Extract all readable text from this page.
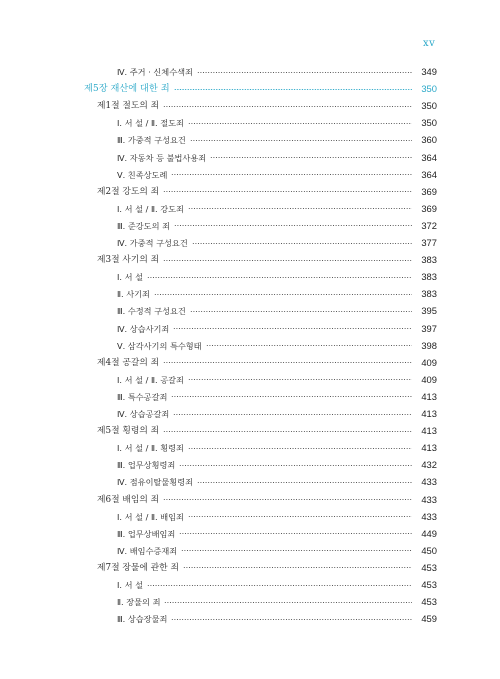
xv
Ⅳ. 주거 · 신체수색죄	349
제5장 재산에 대한 죄	350
제1절 절도의 죄	350
Ⅰ. 서 설 / Ⅱ. 절도죄	350
Ⅲ. 가중적 구성요건	360
Ⅳ. 자동차 등 불법사용죄	364
Ⅴ. 친족상도례	364
제2절 강도의 죄	369
Ⅰ. 서 설 / Ⅱ. 강도죄	369
Ⅲ. 준강도의 죄	372
Ⅳ. 가중적 구성요건	377
제3절 사기의 죄	383
Ⅰ. 서 설	383
Ⅱ. 사기죄	383
Ⅲ. 수정적 구성요건	395
Ⅳ. 상습사기죄	397
Ⅴ. 삼각사기의 특수형태	398
제4절 공갈의 죄	409
Ⅰ. 서 설 / Ⅱ. 공갈죄	409
Ⅲ. 특수공갈죄	413
Ⅳ. 상습공갈죄	413
제5절 횡령의 죄	413
Ⅰ. 서 설 / Ⅱ. 횡령죄	413
Ⅲ. 업무상횡령죄	432
Ⅳ. 점유이탈물횡령죄	433
제6절 배임의 죄	433
Ⅰ. 서 설 / Ⅱ. 배임죄	433
Ⅲ. 업무상배임죄	449
Ⅳ. 배임수증재죄	450
제7절 장물에 관한 죄	453
Ⅰ. 서 설	453
Ⅱ. 장물의 죄	453
Ⅲ. 상습장물죄	459
